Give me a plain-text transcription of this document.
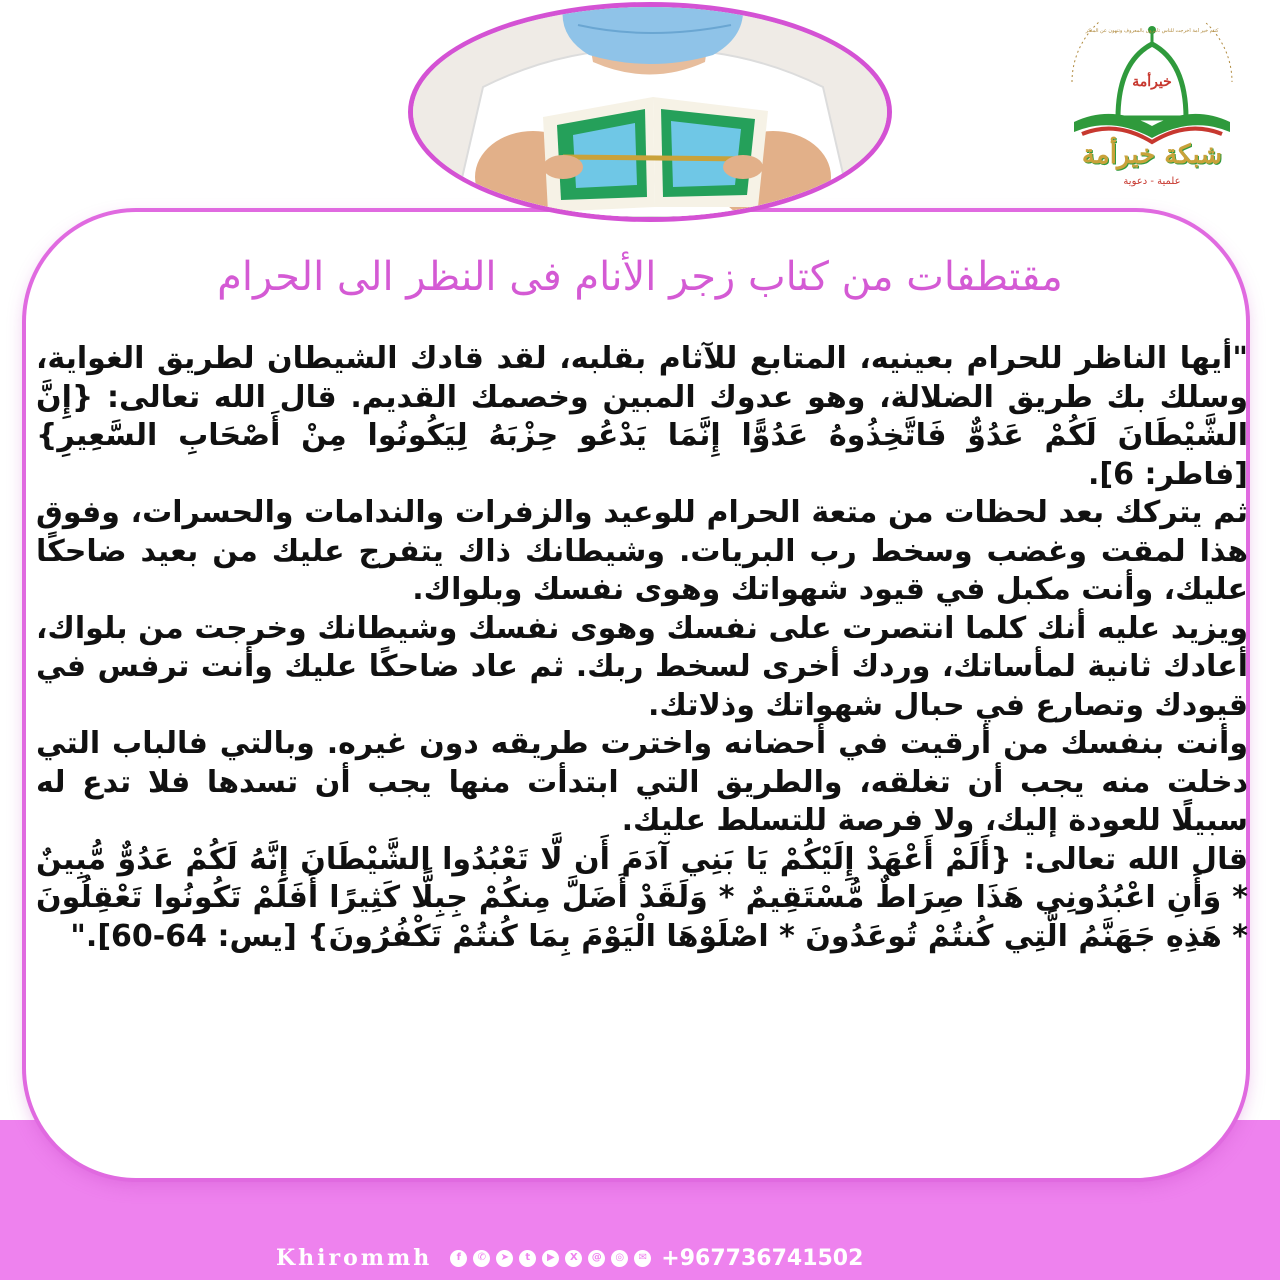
خيرأمة
كنتم خير أمة أخرجت للناس تأمرون بالمعروف وتنهون عن المنكر
شبكة خيرأمة
علمية - دعوية
مقتطفات من كتاب زجر الأنام فى النظر الى الحرام

"أيها الناظر للحرام بعينيه، المتابع للآثام بقلبه، لقد قادك الشيطان لطريق الغواية، وسلك بك طريق الضلالة، وهو عدوك المبين وخصمك القديم. قال الله تعالى: {إِنَّ الشَّيْطَانَ لَكُمْ عَدُوٌّ فَاتَّخِذُوهُ عَدُوًّا إِنَّمَا يَدْعُو حِزْبَهُ لِيَكُونُوا مِنْ أَصْحَابِ السَّعِيرِ} [فاطر: 6].

ثم يتركك بعد لحظات من متعة الحرام للوعيد والزفرات والندامات والحسرات، وفوق هذا لمقت وغضب وسخط رب البريات. وشيطانك ذاك يتفرج عليك من بعيد ضاحكًا عليك، وأنت مكبل في قيود شهواتك وهوى نفسك وبلواك.

ويزيد عليه أنك كلما انتصرت على نفسك وهوى نفسك وشيطانك وخرجت من بلواك، أعادك ثانية لمأساتك، وردك أخرى لسخط ربك. ثم عاد ضاحكًا عليك وأنت ترفس في قيودك وتصارع في حبال شهواتك وذلاتك.

وأنت بنفسك من أرقيت في أحضانه واخترت طريقه دون غيره. وبالتي فالباب التي دخلت منه يجب أن تغلقه، والطريق التي ابتدأت منها يجب أن تسدها فلا تدع له سبيلًا للعودة إليك، ولا فرصة للتسلط عليك.

قال الله تعالى: {أَلَمْ أَعْهَدْ إِلَيْكُمْ يَا بَنِي آدَمَ أَن لَّا تَعْبُدُوا الشَّيْطَانَ إِنَّهُ لَكُمْ عَدُوٌّ مُّبِينٌ * وَأَنِ اعْبُدُونِي هَذَا صِرَاطٌ مُّسْتَقِيمٌ * وَلَقَدْ أَضَلَّ مِنكُمْ جِبِلًّا كَثِيرًا أَفَلَمْ تَكُونُوا تَعْقِلُونَ * هَذِهِ جَهَنَّمُ الَّتِي كُنتُمْ تُوعَدُونَ * اصْلَوْهَا الْيَوْمَ بِمَا كُنتُمْ تَكْفُرُونَ} [يس: 64-60]."

Khirommh	f	✆	➤	t	▶	X	@	◎	✉ +967736741502
